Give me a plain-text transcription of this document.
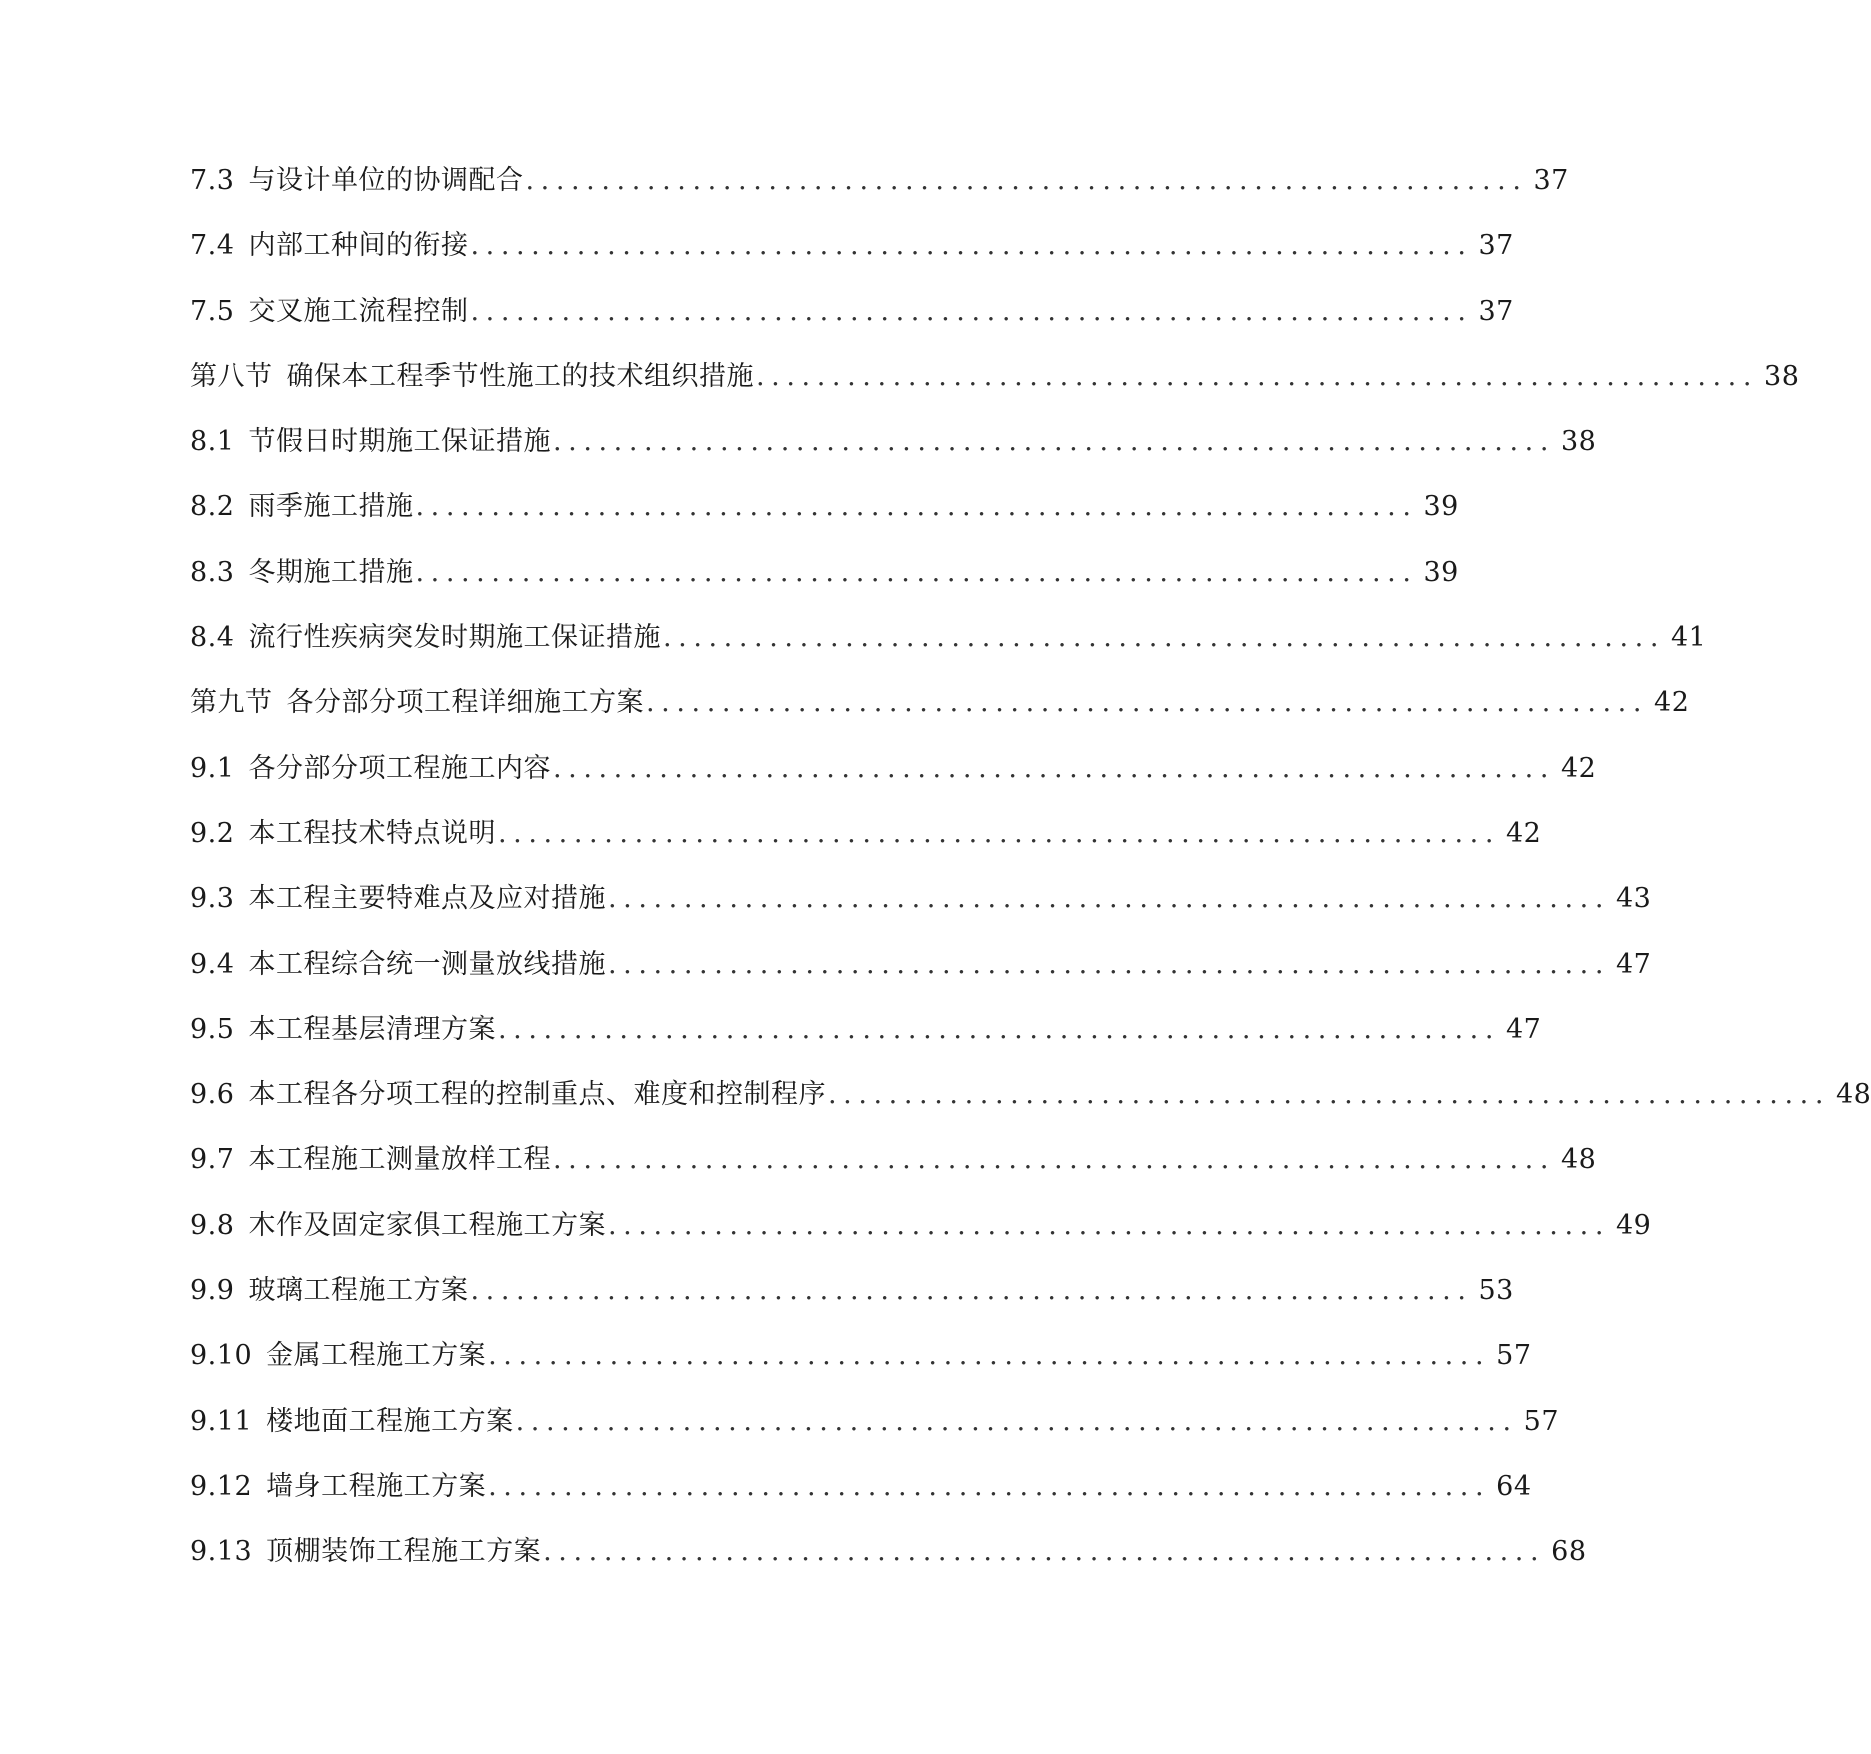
7.3 与设计单位的协调配合 .................................................................. 37
7.4 内部工种间的衔接 .................................................................. 37
7.5 交叉施工流程控制 .................................................................. 37
第八节 确保本工程季节性施工的技术组织措施 .................................................................. 38
8.1 节假日时期施工保证措施 .................................................................. 38
8.2 雨季施工措施 .................................................................. 39
8.3 冬期施工措施 .................................................................. 39
8.4 流行性疾病突发时期施工保证措施 .................................................................. 41
第九节 各分部分项工程详细施工方案 .................................................................. 42
9.1 各分部分项工程施工内容 .................................................................. 42
9.2 本工程技术特点说明 .................................................................. 42
9.3 本工程主要特难点及应对措施 .................................................................. 43
9.4 本工程综合统一测量放线措施 .................................................................. 47
9.5 本工程基层清理方案 .................................................................. 47
9.6 本工程各分项工程的控制重点、难度和控制程序 .................................................................. 48
9.7 本工程施工测量放样工程 .................................................................. 48
9.8 木作及固定家俱工程施工方案 .................................................................. 49
9.9 玻璃工程施工方案 .................................................................. 53
9.10 金属工程施工方案 .................................................................. 57
9.11 楼地面工程施工方案 .................................................................. 57
9.12 墙身工程施工方案 .................................................................. 64
9.13 顶棚装饰工程施工方案 .................................................................. 68
